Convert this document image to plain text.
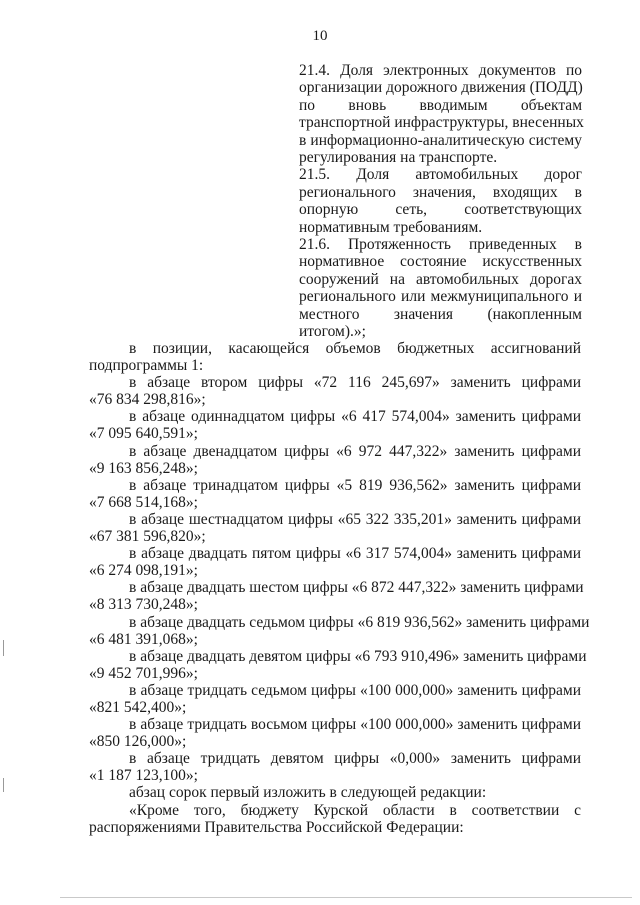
10
21.4. Доля электронных документов по
организации дорожного движения (ПОДД)
по вновь вводимым объектам
транспортной инфраструктуры, внесенных
в информационно-аналитическую систему
регулирования на транспорте.
21.5. Доля автомобильных дорог
регионального значения, входящих в
опорную сеть, соответствующих
нормативным требованиям.
21.6. Протяженность приведенных в
нормативное состояние искусственных
сооружений на автомобильных дорогах
регионального или межмуниципального и
местного значения (накопленным
итогом).»;
в позиции, касающейся объемов бюджетных ассигнований
подпрограммы 1:
в абзаце втором цифры «72 116 245,697» заменить цифрами
«76 834 298,816»;
в абзаце одиннадцатом цифры «6 417 574,004» заменить цифрами
«7 095 640,591»;
в абзаце двенадцатом цифры «6 972 447,322» заменить цифрами
«9 163 856,248»;
в абзаце тринадцатом цифры «5 819 936,562» заменить цифрами
«7 668 514,168»;
в абзаце шестнадцатом цифры «65 322 335,201» заменить цифрами
«67 381 596,820»;
в абзаце двадцать пятом цифры «6 317 574,004» заменить цифрами
«6 274 098,191»;
в абзаце двадцать шестом цифры «6 872 447,322» заменить цифрами
«8 313 730,248»;
в абзаце двадцать седьмом цифры «6 819 936,562» заменить цифрами
«6 481 391,068»;
в абзаце двадцать девятом цифры «6 793 910,496» заменить цифрами
«9 452 701,996»;
в абзаце тридцать седьмом цифры «100 000,000» заменить цифрами
«821 542,400»;
в абзаце тридцать восьмом цифры «100 000,000» заменить цифрами
«850 126,000»;
в абзаце тридцать девятом цифры «0,000» заменить цифрами
«1 187 123,100»;
абзац сорок первый изложить в следующей редакции:
«Кроме того, бюджету Курской области в соответствии с
распоряжениями Правительства Российской Федерации:
